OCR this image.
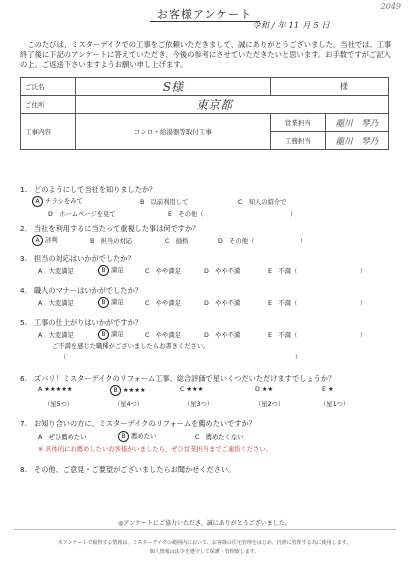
お客様アンケート
2049
令和 / 年 11 月 5 日
　このたびは、ミスターデイクでの工事をご依頼いただきまして、誠にありがとうございました。当社では、工事終了後に下記のアンケートに答えていただき、今後の参考にさせていただきたいと思います。お手数ですがご記入の上、ご返送下さいますようお願い申し上げます。
ご氏名	S様	様	
ご住所	東京都		
工事内容	コンロ・給湯器等取付工事	営業担当	龍川　琴乃
		工務担当	龍川　琴乃
1.　どのようにして当社を知りましたか？
A チラシをみて	B　以前利用して	C　知人の紹介で
D　ホームページを見て	E　その他（	）
2.　当社を利用するに当たって重視した事は何ですか？
A 評判	B　担当の対応	C　価格	D　その他（	）
3.　担当の対応はいかがでしたか？
A　大変満足	B 満足	C　やや満足	D　やや不満	E　不満（	）
4.　職人のマナーはいかがでしたか？
A　大変満足	B 満足	C　やや満足	D　やや不満	E　不満（	）
5.　工事の仕上がりはいかがですか？
A　大変満足	B 満足	C　やや満足	D　やや不満	E　不満（	）
ご不満を感じた職種がございましたらお書きください。
（	）
6.　ズバリ！ミスターデイクのリフォーム工事、総合評価で星いくつだいただけますでしょうか？
A ★★★★★	B ★★★★	C ★★★	D ★★	E ★
（星5つ）	（星4つ）	（星3つ）	（星2つ）	（星1つ）
7.　お知り合いの方に、ミスターデイクのリフォームを薦めたいですか？
A　ぜひ薦めたい	B 薦めたい	C　薦めたくない
※ 具体的にお薦めしたいお客様がいましたら、ぜひ営業担当までご連絡ください。
8.　その他、ご意見・ご要望がございましたらお聞かせください。
◎アンケートにご協力いただき、誠にありがとうございました。
本アンケートで取得する情報は、ミスターデイクの範囲内において、お客様の住宅管理をはじめ、円滑に管理する為に使用します。
個人情報は法令を遵守して保護・管理致します。
